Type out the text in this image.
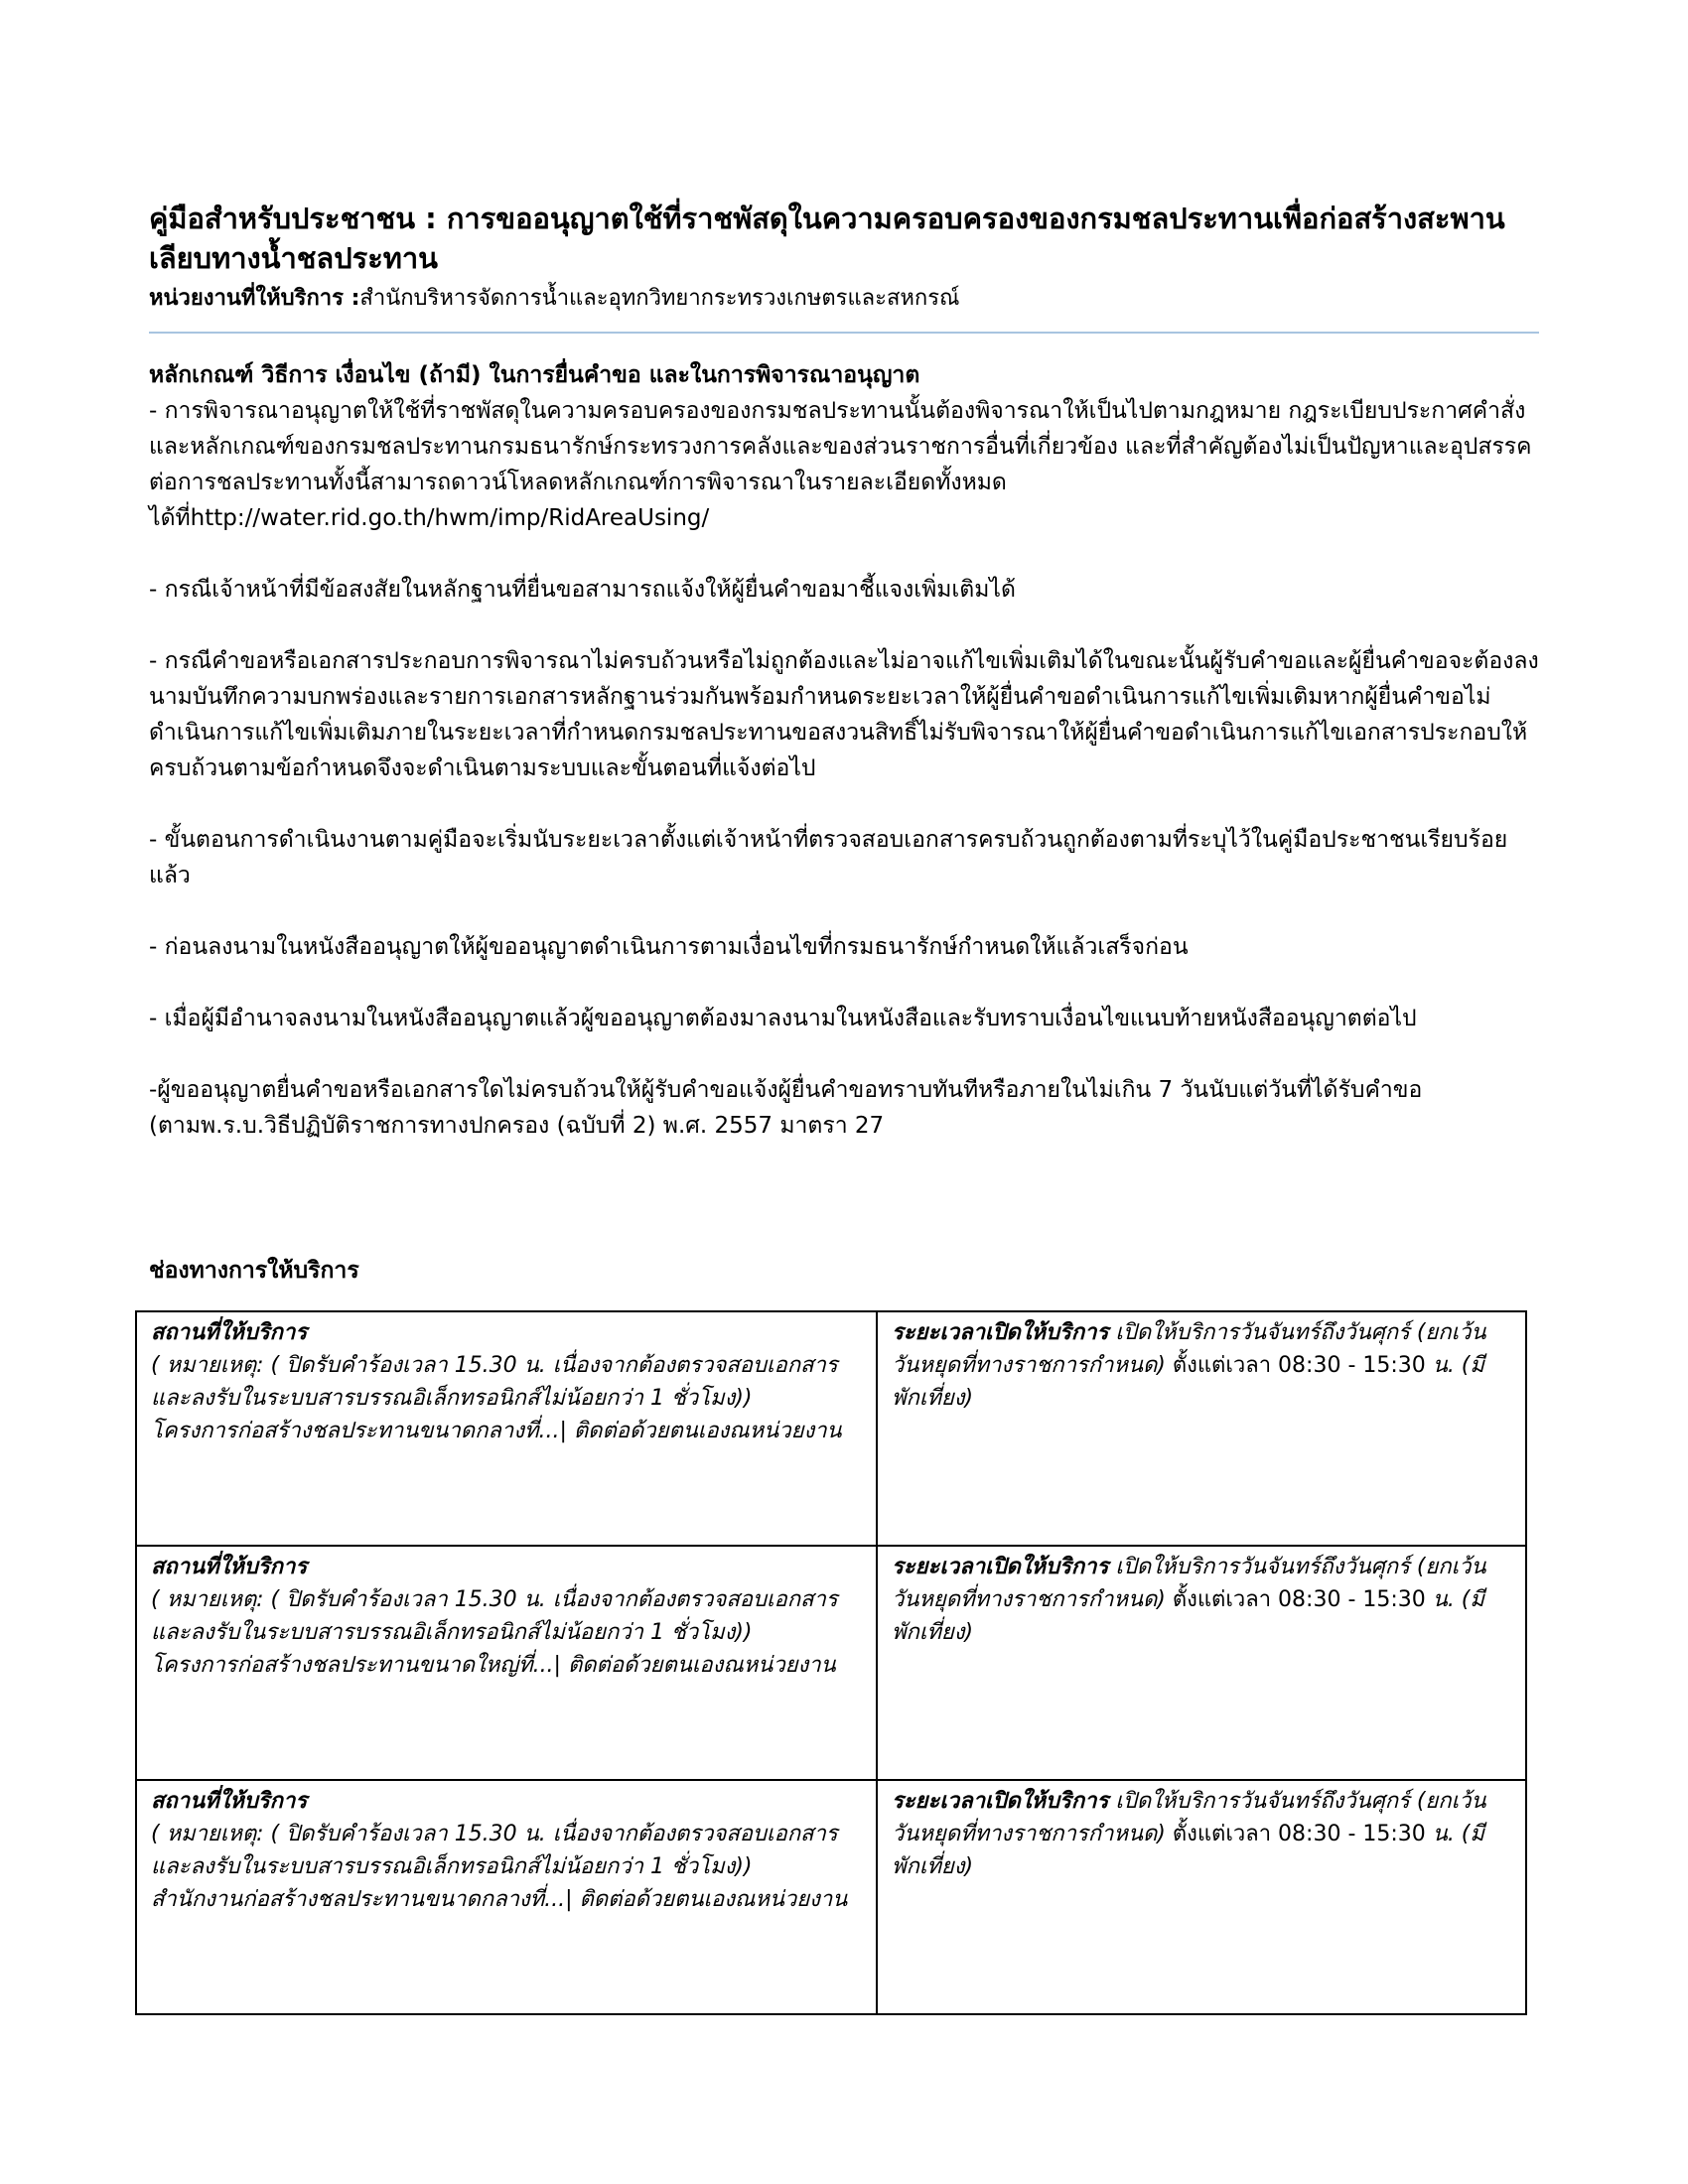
คู่มือสำหรับประชาชน : การขออนุญาตใช้ที่ราชพัสดุในความครอบครองของกรมชลประทานเพื่อก่อสร้างสะพานเลียบทางน้ำชลประทาน

หน่วยงานที่ให้บริการ :สำนักบริหารจัดการน้ำและอุทกวิทยากระทรวงเกษตรและสหกรณ์

หลักเกณฑ์ วิธีการ เงื่อนไข (ถ้ามี) ในการยื่นคำขอ และในการพิจารณาอนุญาต
- การพิจารณาอนุญาตให้ใช้ที่ราชพัสดุในความครอบครองของกรมชลประทานนั้นต้องพิจารณาให้เป็นไปตามกฎหมาย กฎระเบียบประกาศคำสั่งและหลักเกณฑ์ของกรมชลประทานกรมธนารักษ์กระทรวงการคลังและของส่วนราชการอื่นที่เกี่ยวข้อง และที่สำคัญต้องไม่เป็นปัญหาและอุปสรรคต่อการชลประทานทั้งนี้สามารถดาวน์โหลดหลักเกณฑ์การพิจารณาในรายละเอียดทั้งหมดได้ที่http://water.rid.go.th/hwm/imp/RidAreaUsing/
- กรณีเจ้าหน้าที่มีข้อสงสัยในหลักฐานที่ยื่นขอสามารถแจ้งให้ผู้ยื่นคำขอมาชี้แจงเพิ่มเติมได้
- กรณีคำขอหรือเอกสารประกอบการพิจารณาไม่ครบถ้วนหรือไม่ถูกต้องและไม่อาจแก้ไขเพิ่มเติมได้ในขณะนั้นผู้รับคำขอและผู้ยื่นคำขอจะต้องลงนามบันทึกความบกพร่องและรายการเอกสารหลักฐานร่วมกันพร้อมกำหนดระยะเวลาให้ผู้ยื่นคำขอดำเนินการแก้ไขเพิ่มเติมหากผู้ยื่นคำขอไม่ดำเนินการแก้ไขเพิ่มเติมภายในระยะเวลาที่กำหนดกรมชลประทานขอสงวนสิทธิ์ไม่รับพิจารณาให้ผู้ยื่นคำขอดำเนินการแก้ไขเอกสารประกอบให้ครบถ้วนตามข้อกำหนดจึงจะดำเนินตามระบบและขั้นตอนที่แจ้งต่อไป
- ขั้นตอนการดำเนินงานตามคู่มือจะเริ่มนับระยะเวลาตั้งแต่เจ้าหน้าที่ตรวจสอบเอกสารครบถ้วนถูกต้องตามที่ระบุไว้ในคู่มือประชาชนเรียบร้อยแล้ว
- ก่อนลงนามในหนังสืออนุญาตให้ผู้ขออนุญาตดำเนินการตามเงื่อนไขที่กรมธนารักษ์กำหนดให้แล้วเสร็จก่อน
- เมื่อผู้มีอำนาจลงนามในหนังสืออนุญาตแล้วผู้ขออนุญาตต้องมาลงนามในหนังสือและรับทราบเงื่อนไขแนบท้ายหนังสืออนุญาตต่อไป
-ผู้ขออนุญาตยื่นคำขอหรือเอกสารใดไม่ครบถ้วนให้ผู้รับคำขอแจ้งผู้ยื่นคำขอทราบทันทีหรือภายในไม่เกิน 7 วันนับแต่วันที่ได้รับคำขอ (ตามพ.ร.บ.วิธีปฏิบัติราชการทางปกครอง (ฉบับที่ 2) พ.ศ. 2557 มาตรา 27
ช่องทางการให้บริการ
สถานที่ให้บริการ
( หมายเหตุ: ( ปิดรับคำร้องเวลา 15.30 น. เนื่องจากต้องตรวจสอบเอกสารและลงรับในระบบสารบรรณอิเล็กทรอนิกส์ไม่น้อยกว่า 1 ชั่วโมง))
โครงการก่อสร้างชลประทานขนาดกลางที่...| ติดต่อด้วยตนเองณหน่วยงาน	ระยะเวลาเปิดให้บริการ เปิดให้บริการวันจันทร์ถึงวันศุกร์ (ยกเว้นวันหยุดที่ทางราชการกำหนด) ตั้งแต่เวลา 08:30 - 15:30 น. (มีพักเที่ยง)

สถานที่ให้บริการ
( หมายเหตุ: ( ปิดรับคำร้องเวลา 15.30 น. เนื่องจากต้องตรวจสอบเอกสารและลงรับในระบบสารบรรณอิเล็กทรอนิกส์ไม่น้อยกว่า 1 ชั่วโมง))
โครงการก่อสร้างชลประทานขนาดใหญ่ที่...| ติดต่อด้วยตนเองณหน่วยงาน	ระยะเวลาเปิดให้บริการ เปิดให้บริการวันจันทร์ถึงวันศุกร์ (ยกเว้นวันหยุดที่ทางราชการกำหนด) ตั้งแต่เวลา 08:30 - 15:30 น. (มีพักเที่ยง)

สถานที่ให้บริการ
( หมายเหตุ: ( ปิดรับคำร้องเวลา 15.30 น. เนื่องจากต้องตรวจสอบเอกสารและลงรับในระบบสารบรรณอิเล็กทรอนิกส์ไม่น้อยกว่า 1 ชั่วโมง))
สำนักงานก่อสร้างชลประทานขนาดกลางที่...| ติดต่อด้วยตนเองณหน่วยงาน	ระยะเวลาเปิดให้บริการ เปิดให้บริการวันจันทร์ถึงวันศุกร์ (ยกเว้นวันหยุดที่ทางราชการกำหนด) ตั้งแต่เวลา 08:30 - 15:30 น. (มีพักเที่ยง)
